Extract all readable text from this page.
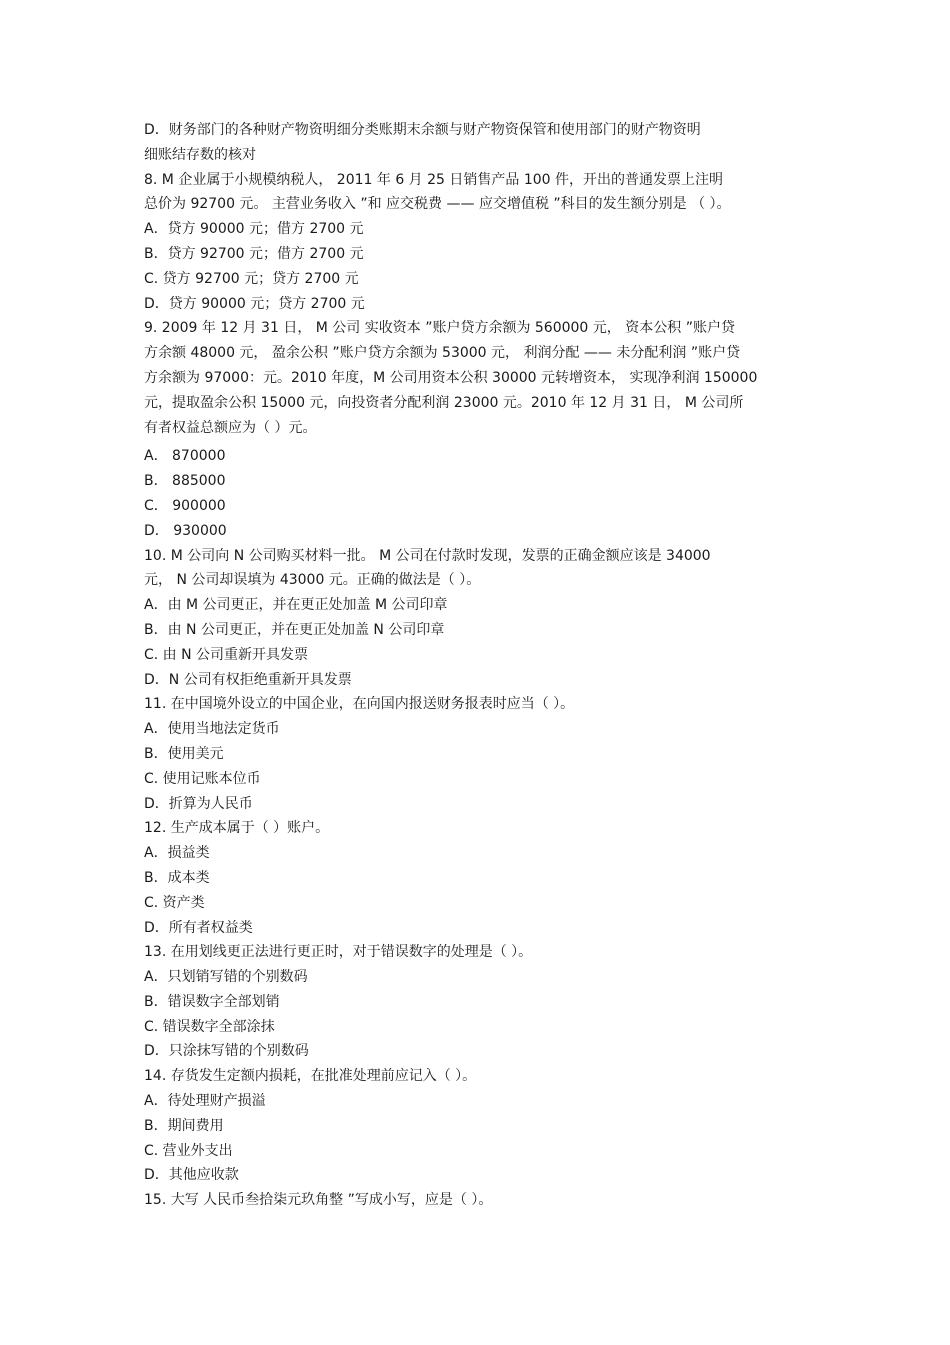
D．财务部门的各种财产物资明细分类账期末余额与财产物资保管和使用部门的财产物资明
细账结存数的核对
8. M 企业属于小规模纳税人， 2011 年 6 月 25 日销售产品 100 件，开出的普通发票上注明
总价为 92700 元。 主营业务收入 ”和 应交税费 —— 应交增值税 ”科目的发生额分别是 （ ）。
A．贷方 90000 元；借方 2700 元
B．贷方 92700 元；借方 2700 元
C. 贷方 92700 元；贷方 2700 元
D．贷方 90000 元；贷方 2700 元
9. 2009 年 12 月 31 日， M 公司 实收资本 ”账户贷方余额为 560000 元， 资本公积 ”账户贷
方余额 48000 元， 盈余公积 ”账户贷方余额为 53000 元， 利润分配 —— 未分配利润 ”账户贷
方余额为 97000：元。2010 年度，M 公司用资本公积 30000 元转增资本， 实现净利润 150000
元，提取盈余公积 15000 元，向投资者分配利润 23000 元。2010 年 12 月 31 日， M 公司所
有者权益总额应为（ ）元。
A． 870000
B． 885000
C． 900000
D． 930000
10. M 公司向 N 公司购买材料一批。 M 公司在付款时发现，发票的正确金额应该是 34000
元， N 公司却误填为 43000 元。正确的做法是（ ）。
A．由 M 公司更正，并在更正处加盖 M 公司印章
B．由 N 公司更正，并在更正处加盖 N 公司印章
C. 由 N 公司重新开具发票
D．N 公司有权拒绝重新开具发票
11. 在中国境外设立的中国企业，在向国内报送财务报表时应当（ ）。
A．使用当地法定货币
B．使用美元
C. 使用记账本位币
D．折算为人民币
12. 生产成本属于（ ）账户。
A．损益类
B．成本类
C. 资产类
D．所有者权益类
13. 在用划线更正法进行更正时，对于错误数字的处理是（ ）。
A．只划销写错的个别数码
B．错误数字全部划销
C. 错误数字全部涂抹
D．只涂抹写错的个别数码
14. 存货发生定额内损耗，在批准处理前应记入（ ）。
A．待处理财产损溢
B．期间费用
C. 营业外支出
D．其他应收款
15. 大写 人民币叁拾柒元玖角整 ”写成小写，应是（ ）。
